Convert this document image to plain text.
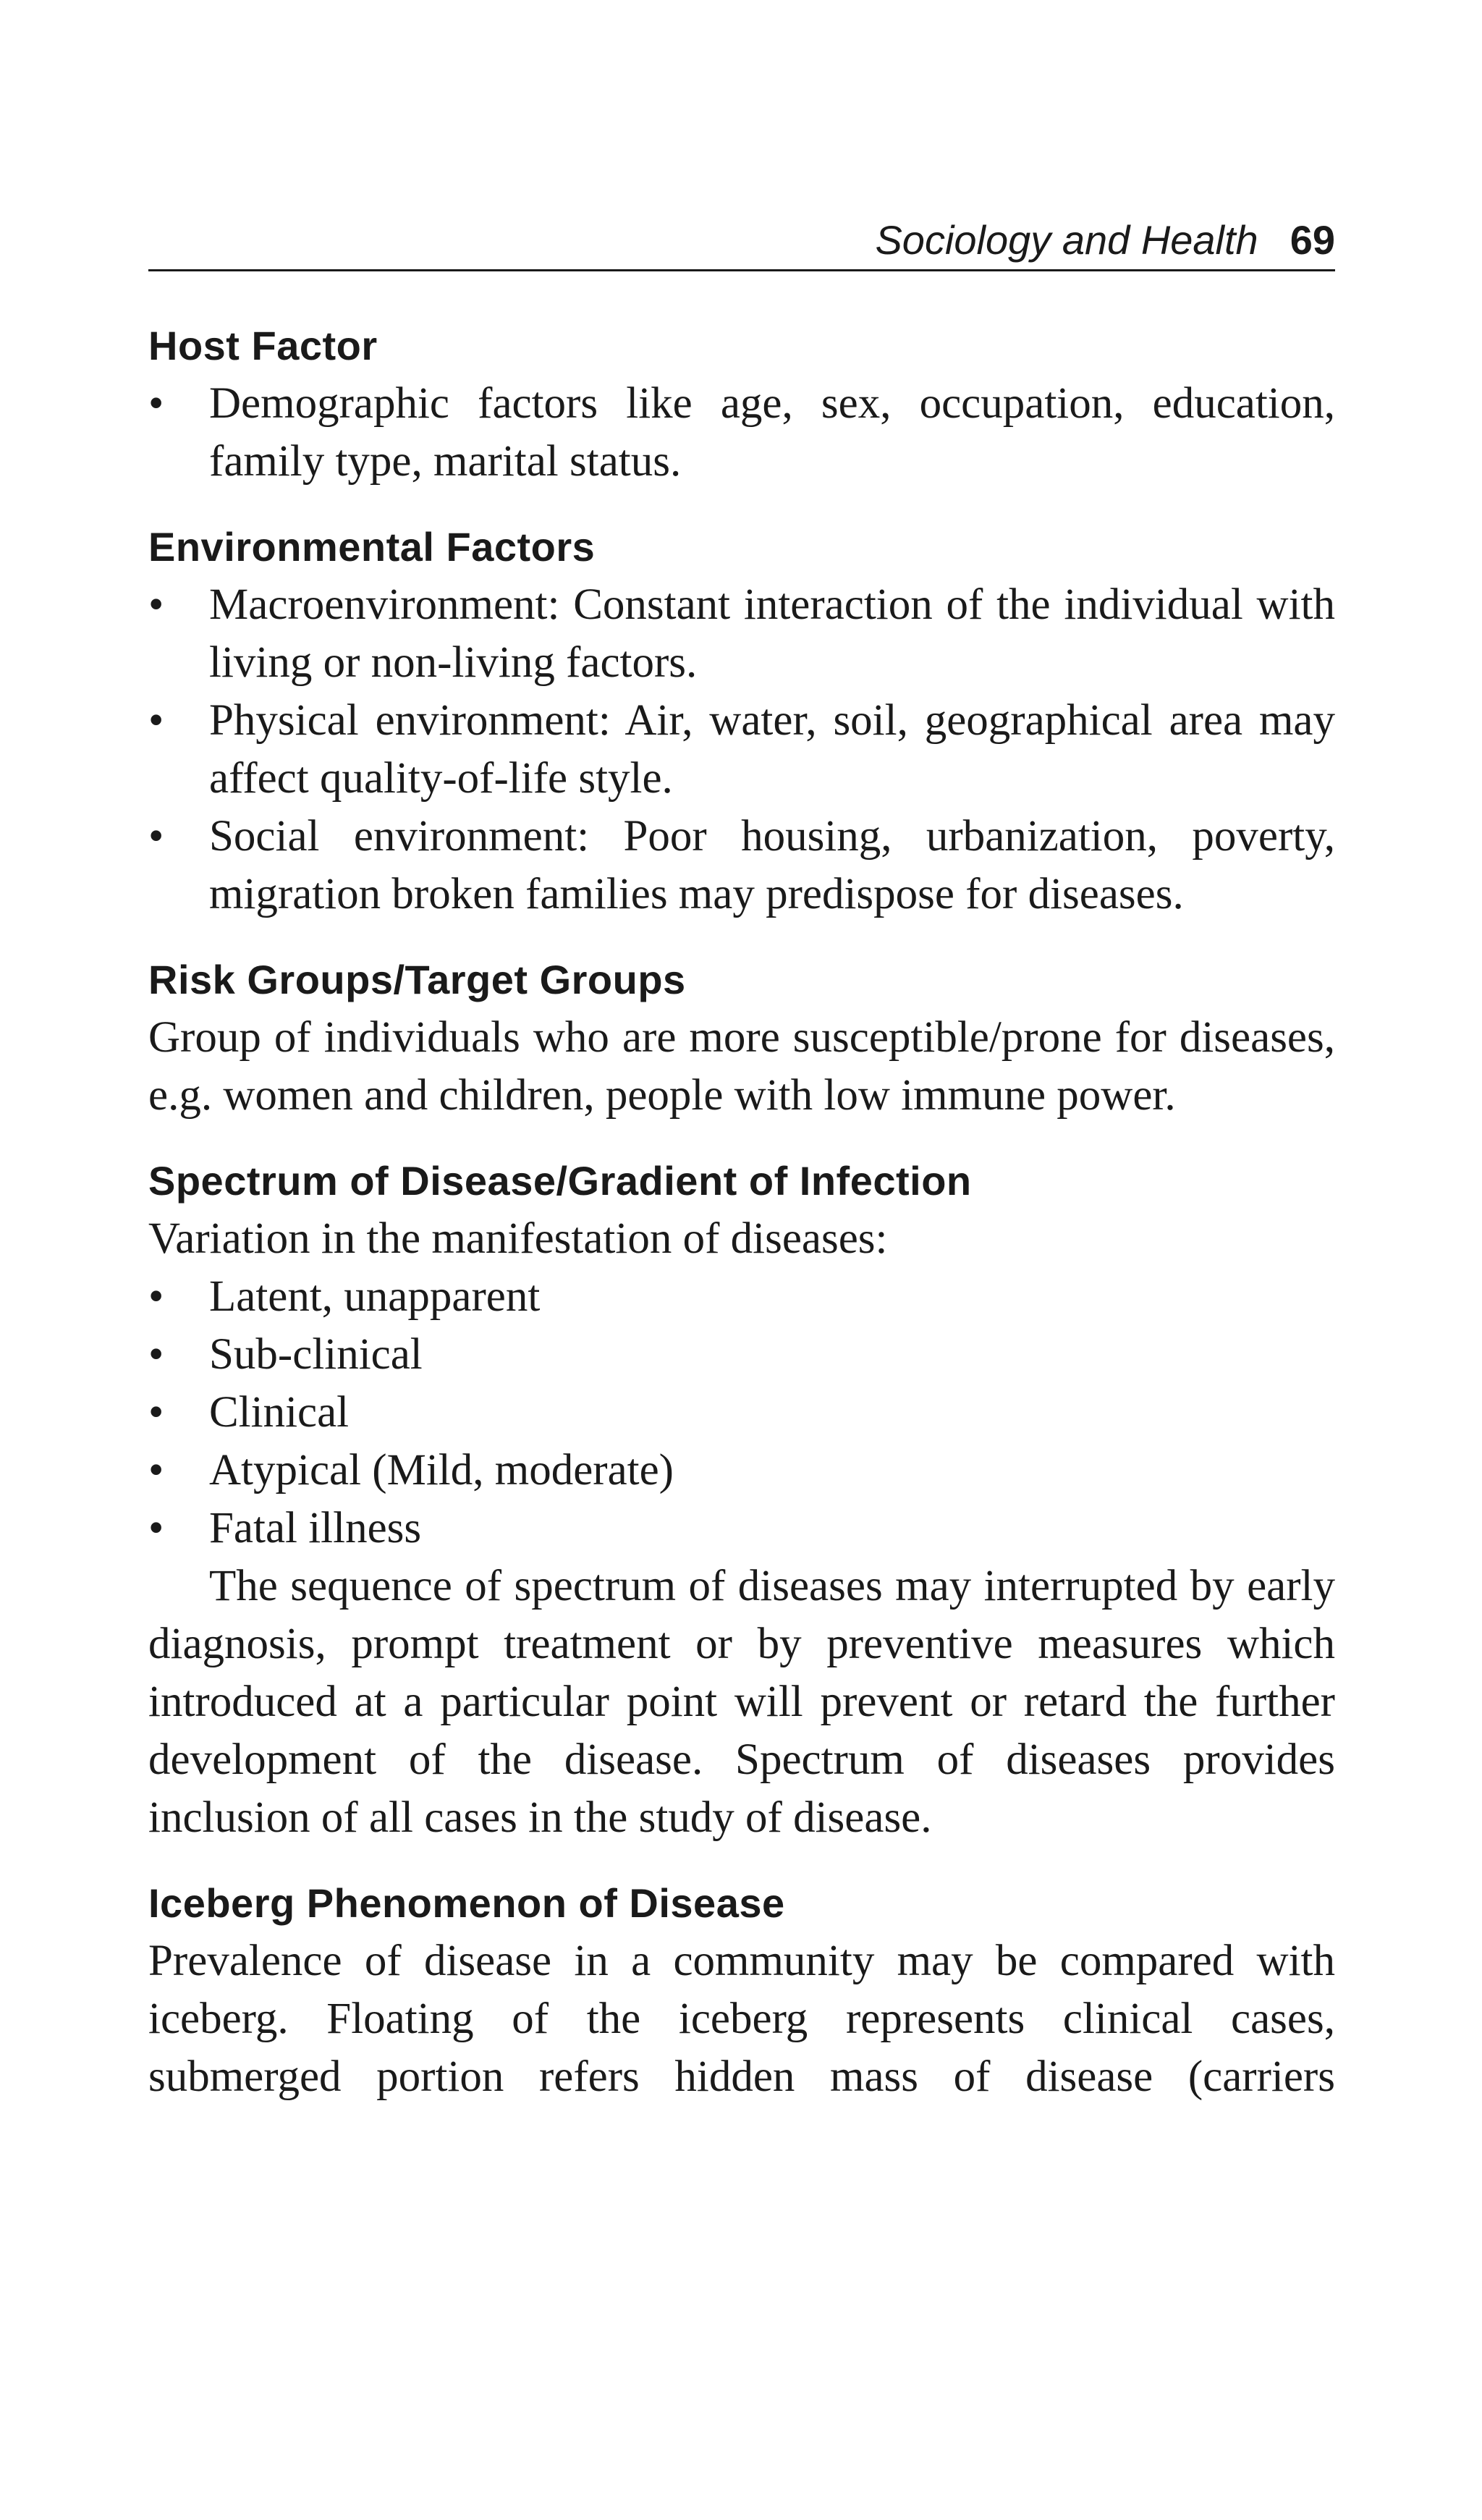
Sociology and Health 69
Host Factor
• Demographic factors like age, sex, occupation, education, family type, marital status.
Environmental Factors
• Macroenvironment: Constant interaction of the individual with living or non-living factors.
• Physical environment: Air, water, soil, geographical area may affect quality-of-life style.
• Social environment: Poor housing, urbanization, poverty, migration broken families may predispose for diseases.
Risk Groups/Target Groups

Group of individuals who are more susceptible/prone for diseases, e.g. women and children, people with low immune power.

Spectrum of Disease/Gradient of Infection

Variation in the manifestation of diseases:

• Latent, unapparent
• Sub-clinical
• Clinical
• Atypical (Mild, moderate)
• Fatal illness

The sequence of spectrum of diseases may interrupted by early diagnosis, prompt treatment or by preventive measures which introduced at a particular point will prevent or retard the further development of the disease. Spectrum of diseases provides inclusion of all cases in the study of disease.

Iceberg Phenomenon of Disease

Prevalence of disease in a community may be compared with iceberg. Floating of the iceberg represents clinical cases, submerged portion refers hidden mass of disease (carriers
